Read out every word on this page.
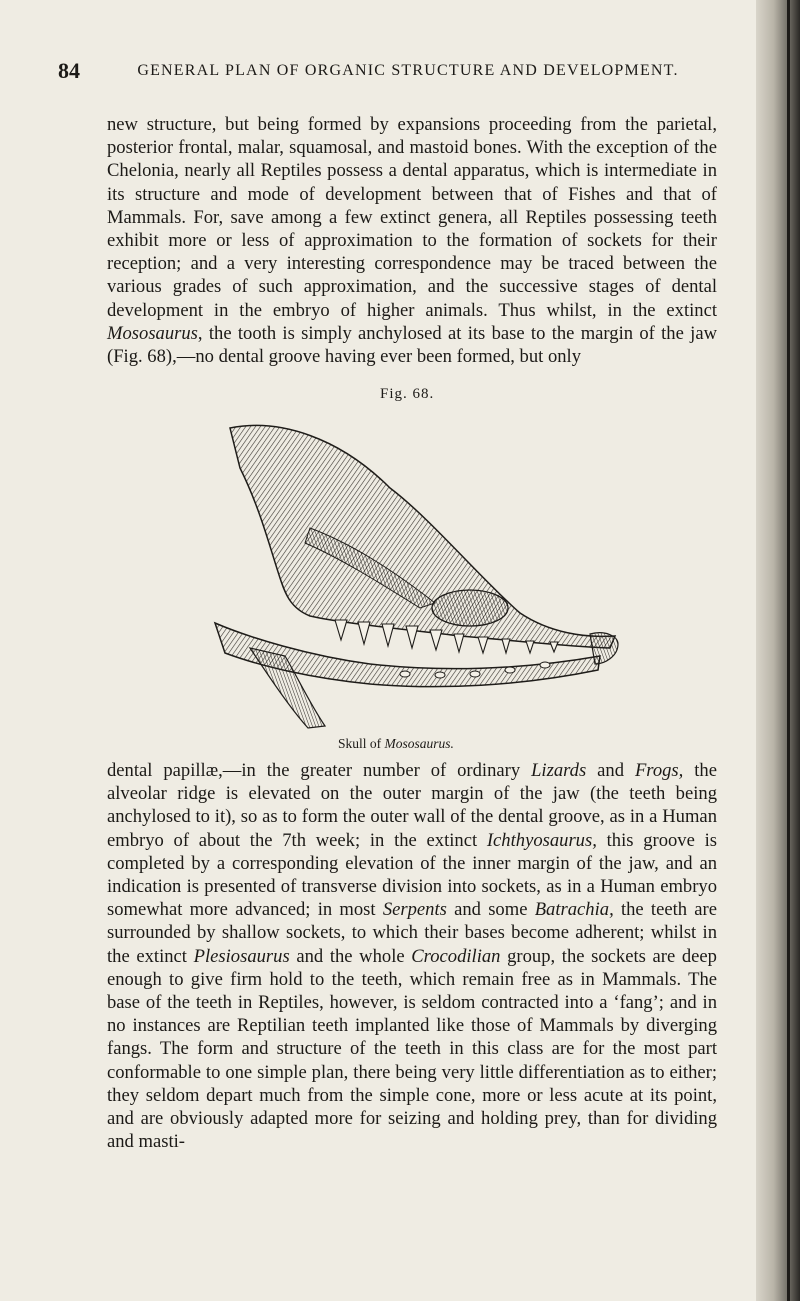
84	GENERAL PLAN OF ORGANIC STRUCTURE AND DEVELOPMENT.

new structure, but being formed by expansions proceeding from the parietal, posterior frontal, malar, squamosal, and mastoid bones. With the exception of the Chelonia, nearly all Reptiles possess a dental apparatus, which is intermediate in its structure and mode of development between that of Fishes and that of Mammals. For, save among a few extinct genera, all Reptiles possessing teeth exhibit more or less of approximation to the formation of sockets for their reception; and a very interesting correspondence may be traced between the various grades of such approximation, and the successive stages of dental development in the embryo of higher animals. Thus whilst, in the extinct Mososaurus, the tooth is simply anchylosed at its base to the margin of the jaw (Fig. 68),—no dental groove having ever been formed, but only

Fig. 68.
Skull of Mososaurus.

dental papillæ,—in the greater number of ordinary Lizards and Frogs, the alveolar ridge is elevated on the outer margin of the jaw (the teeth being anchylosed to it), so as to form the outer wall of the dental groove, as in a Human embryo of about the 7th week; in the extinct Ichthyosaurus, this groove is completed by a corresponding elevation of the inner margin of the jaw, and an indication is presented of transverse division into sockets, as in a Human embryo somewhat more advanced; in most Serpents and some Batrachia, the teeth are surrounded by shallow sockets, to which their bases become adherent; whilst in the extinct Plesiosaurus and the whole Crocodilian group, the sockets are deep enough to give firm hold to the teeth, which remain free as in Mammals. The base of the teeth in Reptiles, however, is seldom contracted into a ‘fang’; and in no instances are Reptilian teeth implanted like those of Mammals by diverging fangs. The form and structure of the teeth in this class are for the most part conformable to one simple plan, there being very little differentiation as to either; they seldom depart much from the simple cone, more or less acute at its point, and are obviously adapted more for seizing and holding prey, than for dividing and masti-
